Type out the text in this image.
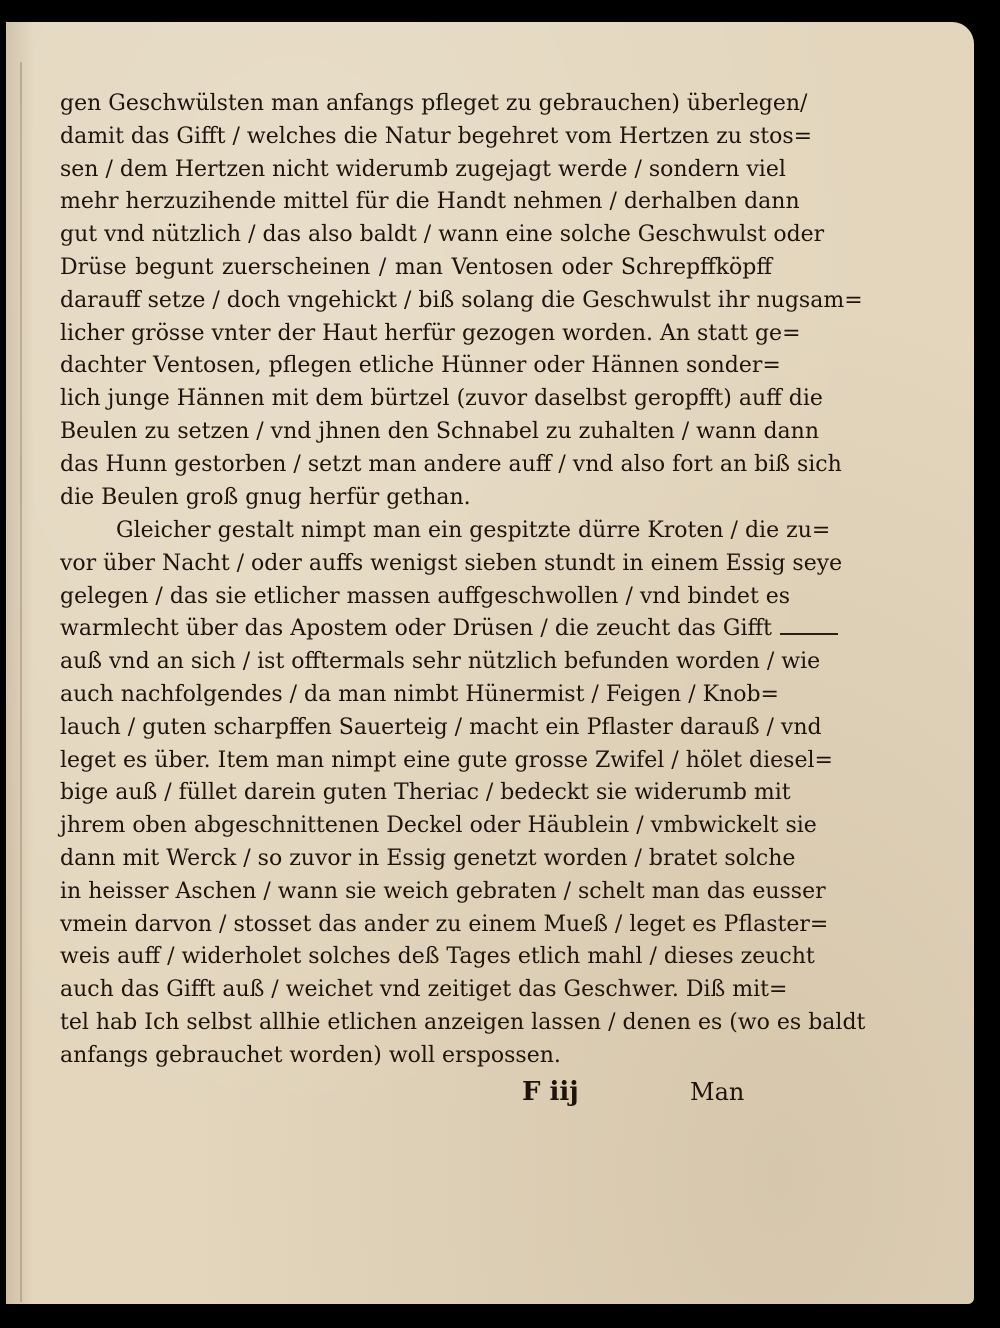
gen Geschwülsten man anfangs pfleget zu gebrauchen) überlegen/
damit das Gifft / welches die Natur begehret vom Hertzen zu stos=
sen / dem Hertzen nicht widerumb zugejagt werde / sondern viel
mehr herzuzihende mittel für die Handt nehmen / derhalben dann
gut vnd nützlich / das also baldt / wann eine solche Geschwulst oder
Drüse begunt zuerscheinen / man Ventosen oder Schrepffköpff
darauff setze / doch vngehickt / biß solang die Geschwulst ihr nugsam=
licher grösse vnter der Haut herfür gezogen worden. An statt ge=
dachter Ventosen, pflegen etliche Hünner oder Hännen sonder=
lich junge Hännen mit dem bürtzel (zuvor daselbst geropfft) auff die
Beulen zu setzen / vnd jhnen den Schnabel zu zuhalten / wann dann
das Hunn gestorben / setzt man andere auff / vnd also fort an biß sich
die Beulen groß gnug herfür gethan.
Gleicher gestalt nimpt man ein gespitzte dürre Kroten / die zu=
vor über Nacht / oder auffs wenigst sieben stundt in einem Essig seye
gelegen / das sie etlicher massen auffgeschwollen / vnd bindet es
warmlecht über das Apostem oder Drüsen / die zeucht das Gifft
auß vnd an sich / ist offtermals sehr nützlich befunden worden / wie
auch nachfolgendes / da man nimbt Hünermist / Feigen / Knob=
lauch / guten scharpffen Sauerteig / macht ein Pflaster darauß / vnd
leget es über. Item man nimpt eine gute grosse Zwifel / hölet diesel=
bige auß / füllet darein guten Theriac / bedeckt sie widerumb mit
jhrem oben abgeschnittenen Deckel oder Häublein / vmbwickelt sie
dann mit Werck / so zuvor in Essig genetzt worden / bratet solche
in heisser Aschen / wann sie weich gebraten / schelt man das eusser
vmein darvon / stosset das ander zu einem Mueß / leget es Pflaster=
weis auff / widerholet solches deß Tages etlich mahl / dieses zeucht
auch das Gifft auß / weichet vnd zeitiget das Geschwer. Diß mit=
tel hab Ich selbst allhie etlichen anzeigen lassen / denen es (wo es baldt
anfangs gebrauchet worden) woll erspossen.
F iij	Man
